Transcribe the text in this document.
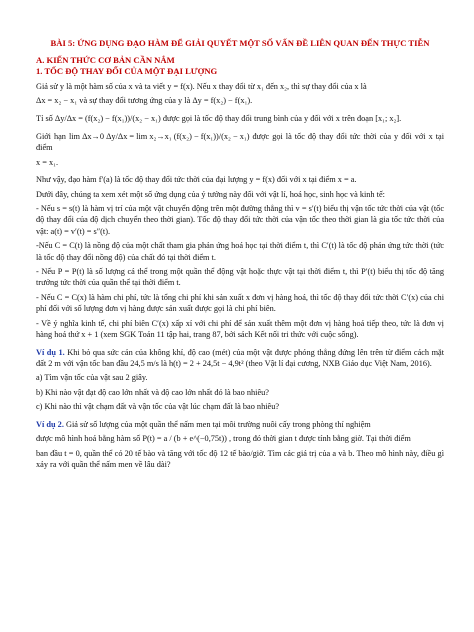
BÀI 5: ỨNG DỤNG ĐẠO HÀM ĐỂ GIẢI QUYẾT MỘT SỐ VẤN ĐỀ LIÊN QUAN ĐẾN THỰC TIỄN
A. KIẾN THỨC CƠ BẢN CẦN NẮM
1. TỐC ĐỘ THAY ĐỔI CỦA MỘT ĐẠI LƯỢNG

Giả sử y là một hàm số của x và ta viết y = f(x). Nếu x thay đổi từ x₁ đến x₂, thì sự thay đổi của x là

Δx = x₂ − x₁ và sự thay đổi tương ứng của y là Δy = f(x₂) − f(x₁).

Tỉ số Δy/Δx = (f(x₂) − f(x₁))/(x₂ − x₁) được gọi là tốc độ thay đổi trung bình của y đối với x trên đoạn [x₁; x₂].

Giới hạn lim Δx→0 Δy/Δx = lim x₂→x₁ (f(x₂) − f(x₁))/(x₂ − x₁) được gọi là tốc độ thay đổi tức thời của y đối với x tại điểm

x = x₁.

Như vậy, đạo hàm f′(a) là tốc độ thay đổi tức thời của đại lượng y = f(x) đối với x tại điểm x = a.

Dưới đây, chúng ta xem xét một số ứng dụng của ý tưởng này đối với vật lí, hoá học, sinh học và kinh tế:

- Nếu s = s(t) là hàm vị trí của một vật chuyển động trên một đường thẳng thì v = s′(t) biểu thị vận tốc tức thời của vật (tốc độ thay đổi của độ dịch chuyển theo thời gian). Tốc độ thay đổi tức thời của vận tốc theo thời gian là gia tốc tức thời của vật: a(t) = v′(t) = s″(t).

-Nếu C = C(t) là nồng độ của một chất tham gia phản ứng hoá học tại thời điểm t, thì C′(t) là tốc độ phản ứng tức thời (tức là tốc độ thay đổi nồng độ) của chất đó tại thời điểm t.

- Nếu P = P(t) là số lượng cá thể trong một quần thể động vật hoặc thực vật tại thời điểm t, thì P′(t) biểu thị tốc độ tăng trưởng tức thời của quần thể tại thời điểm t.

- Nếu C = C(x) là hàm chi phí, tức là tổng chi phí khi sản xuất x đơn vị hàng hoá, thì tốc độ thay đổi tức thời C′(x) của chi phí đối với số lượng đơn vị hàng được sản xuất được gọi là chi phí biên.

- Về ý nghĩa kinh tế, chi phí biên C′(x) xấp xỉ với chi phí để sản xuất thêm một đơn vị hàng hoá tiếp theo, tức là đơn vị hàng hoá thứ x + 1 (xem SGK Toán 11 tập hai, trang 87, bởi sách Kết nối tri thức với cuộc sống).

Ví dụ 1. Khi bỏ qua sức cản của không khí, độ cao (mét) của một vật được phóng thẳng đứng lên trên từ điểm cách mặt đất 2 m với vận tốc ban đầu 24,5 m/s là h(t) = 2 + 24,5t − 4,9t² (theo Vật lí đại cương, NXB Giáo dục Việt Nam, 2016).

a) Tìm vận tốc của vật sau 2 giây.

b) Khi nào vật đạt độ cao lớn nhất và độ cao lớn nhất đó là bao nhiêu?

c) Khi nào thì vật chạm đất và vận tốc của vật lúc chạm đất là bao nhiêu?

Ví dụ 2. Giả sử số lượng của một quần thể nấm men tại môi trường nuôi cấy trong phòng thí nghiệm

được mô hình hoá bằng hàm số P(t) = a / (b + e^(−0,75t)) , trong đó thời gian t được tính bằng giờ. Tại thời điểm

ban đầu t = 0, quần thể có 20 tế bào và tăng với tốc độ 12 tế bào/giờ. Tìm các giá trị của a và b. Theo mô hình này, điều gì xảy ra với quần thể nấm men về lâu dài?
